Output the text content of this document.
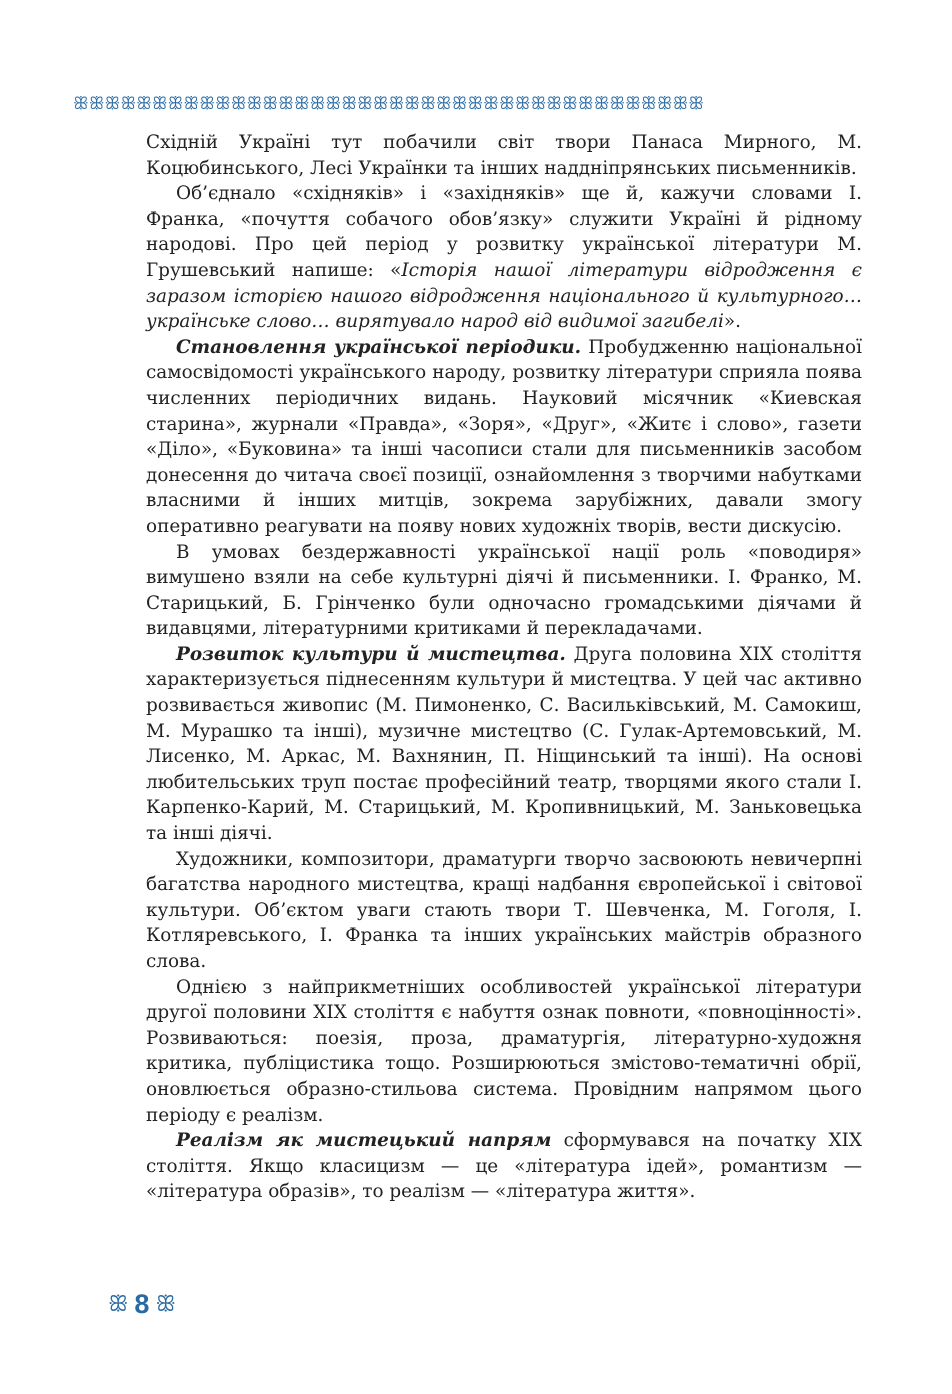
ꕥꕥꕥꕥꕥꕥꕥꕥꕥꕥꕥꕥꕥꕥꕥꕥꕥꕥꕥꕥꕥꕥꕥꕥꕥꕥꕥꕥꕥꕥꕥꕥꕥꕥꕥꕥꕥꕥꕥꕥ

Східній Україні тут побачили світ твори Панаса Мирного, М. Коцюбинського, Лесі Українки та інших наддніпрянських письменників.

Об’єднало «східняків» і «західняків» ще й, кажучи словами І. Франка, «почуття собачого обов’язку» служити Україні й рідному народові. Про цей період у розвитку української літератури М. Грушевський напише: «Історія нашої літератури відродження є заразом історією нашого відродження національного й культурного… українське слово… вирятувало народ від видимої загибелі».

Становлення української періодики. Пробудженню національної самосвідомості українського народу, розвитку літератури сприяла поява численних періодичних видань. Науковий місячник «Киевская старина», журнали «Правда», «Зоря», «Друг», «Житє і слово», газети «Діло», «Буковина» та інші часописи стали для письменників засобом донесення до читача своєї позиції, ознайомлення з творчими набутками власними й інших митців, зокрема зарубіжних, давали змогу оперативно реагувати на появу нових художніх творів, вести дискусію.

В умовах бездержавності української нації роль «поводиря» вимушено взяли на себе культурні діячі й письменники. І. Франко, М. Старицький, Б. Грінченко були одночасно громадськими діячами й видавцями, літературними критиками й перекладачами.

Розвиток культури й мистецтва. Друга половина XIX століття характеризується піднесенням культури й мистецтва. У цей час активно розвивається живопис (М. Пимоненко, С. Васильківський, М. Самокиш, М. Мурашко та інші), музичне мистецтво (С. Гулак-Артемовський, М. Лисенко, М. Аркас, М. Вахнянин, П. Ніщинський та інші). На основі любительських труп постає професійний театр, творцями якого стали І. Карпенко-Карий, М. Старицький, М. Кропивницький, М. Заньковецька та інші діячі.

Художники, композитори, драматурги творчо засвоюють невичерпні багатства народного мистецтва, кращі надбання європейської і світової культури. Об’єктом уваги стають твори Т. Шевченка, М. Гоголя, І. Котляревського, І. Франка та інших українських майстрів образного слова.

Однією з найприкметніших особливостей української літератури другої половини XIX століття є набуття ознак повноти, «повноцінності». Розвиваються: поезія, проза, драматургія, літературно-художня критика, публіцистика тощо. Розширюються змістово-тематичні обрії, оновлюється образно-стильова система. Провідним напрямом цього періоду є реалізм.

Реалізм як мистецький напрям сформувався на початку XIX століття. Якщо класицизм — це «література ідей», романтизм — «література образів», то реалізм — «література життя».

ꕥ 8 ꕥ
